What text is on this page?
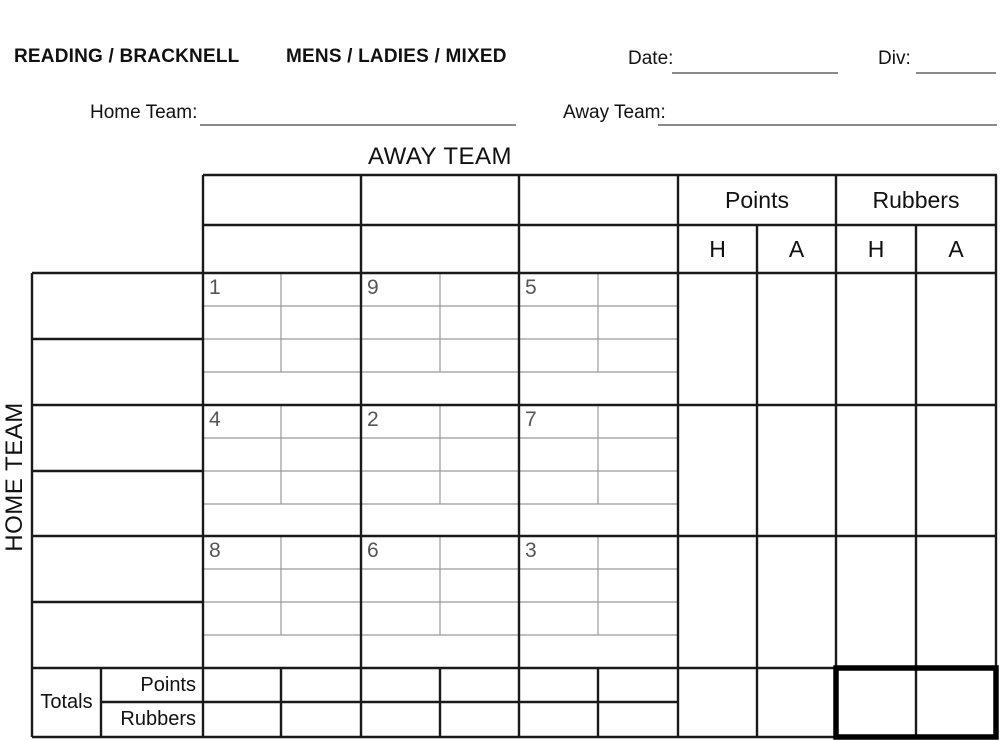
READING / BRACKNELL MENS / LADIES / MIXED	Date:	Div:
Home Team:	Away Team:
AWAY TEAM
HOME TEAM
Points	Rubbers
H	A	H	A
1	9	5
4	2	7
8	6	3
Totals
Points
Rubbers
